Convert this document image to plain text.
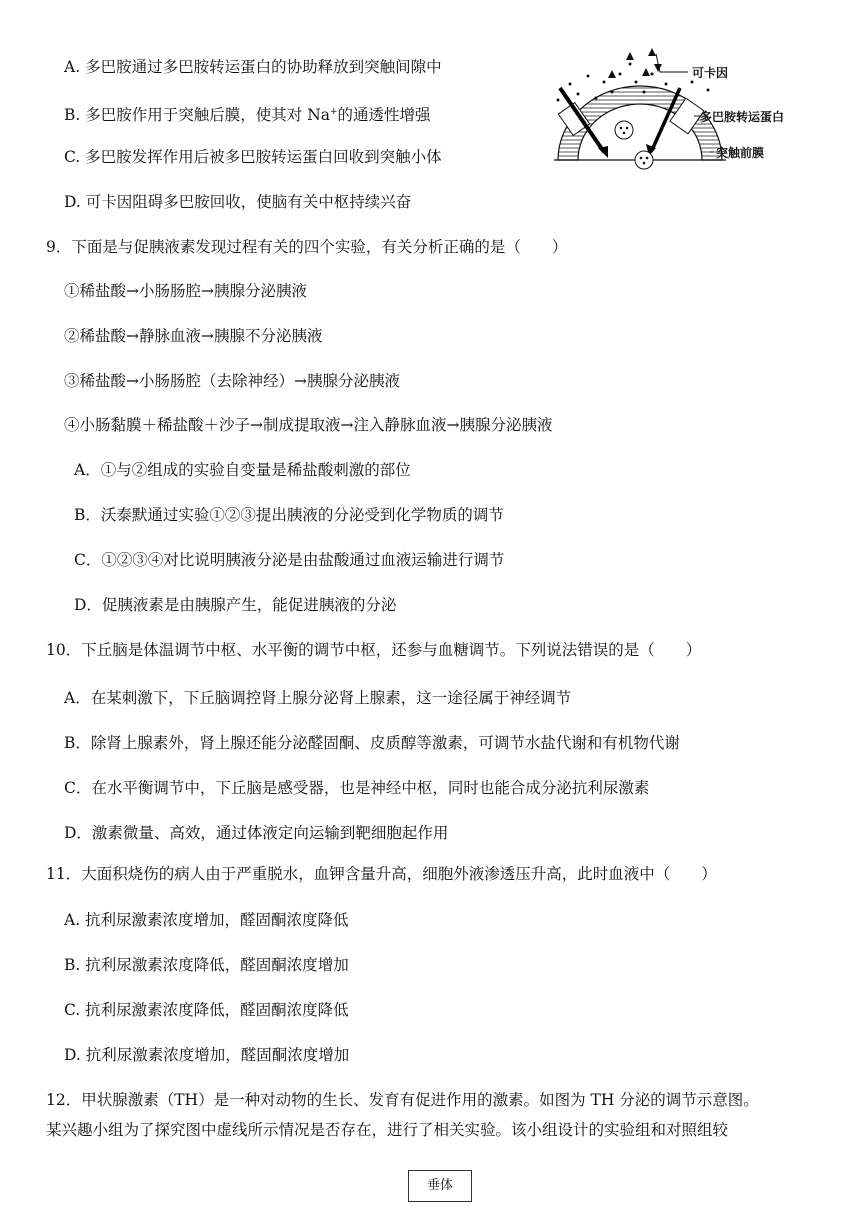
A. 多巴胺通过多巴胺转运蛋白的协助释放到突触间隙中
B. 多巴胺作用于突触后膜，使其对 Na+的通透性增强
C. 多巴胺发挥作用后被多巴胺转运蛋白回收到突触小体
D. 可卡因阻碍多巴胺回收，使脑有关中枢持续兴奋
可卡因
多巴胺转运蛋白
突触前膜
9．下面是与促胰液素发现过程有关的四个实验，有关分析正确的是（　　）
①稀盐酸→小肠肠腔→胰腺分泌胰液
②稀盐酸→静脉血液→胰腺不分泌胰液
③稀盐酸→小肠肠腔（去除神经）→胰腺分泌胰液
④小肠黏膜＋稀盐酸＋沙子→制成提取液→注入静脉血液→胰腺分泌胰液
A．①与②组成的实验自变量是稀盐酸刺激的部位
B．沃泰默通过实验①②③提出胰液的分泌受到化学物质的调节
C．①②③④对比说明胰液分泌是由盐酸通过血液运输进行调节
D．促胰液素是由胰腺产生，能促进胰液的分泌
10．下丘脑是体温调节中枢、水平衡的调节中枢，还参与血糖调节。下列说法错误的是（　　）
A．在某刺激下，下丘脑调控肾上腺分泌肾上腺素，这一途径属于神经调节
B．除肾上腺素外，肾上腺还能分泌醛固酮、皮质醇等激素，可调节水盐代谢和有机物代谢
C．在水平衡调节中，下丘脑是感受器，也是神经中枢，同时也能合成分泌抗利尿激素
D．激素微量、高效，通过体液定向运输到靶细胞起作用
11．大面积烧伤的病人由于严重脱水，血钾含量升高，细胞外液渗透压升高，此时血液中（　　）
A. 抗利尿激素浓度增加，醛固酮浓度降低
B. 抗利尿激素浓度降低，醛固酮浓度增加
C. 抗利尿激素浓度降低，醛固酮浓度降低
D. 抗利尿激素浓度增加，醛固酮浓度增加
12．甲状腺激素（TH）是一种对动物的生长、发育有促进作用的激素。如图为 TH 分泌的调节示意图。
某兴趣小组为了探究图中虚线所示情况是否存在，进行了相关实验。该小组设计的实验组和对照组较
垂体
